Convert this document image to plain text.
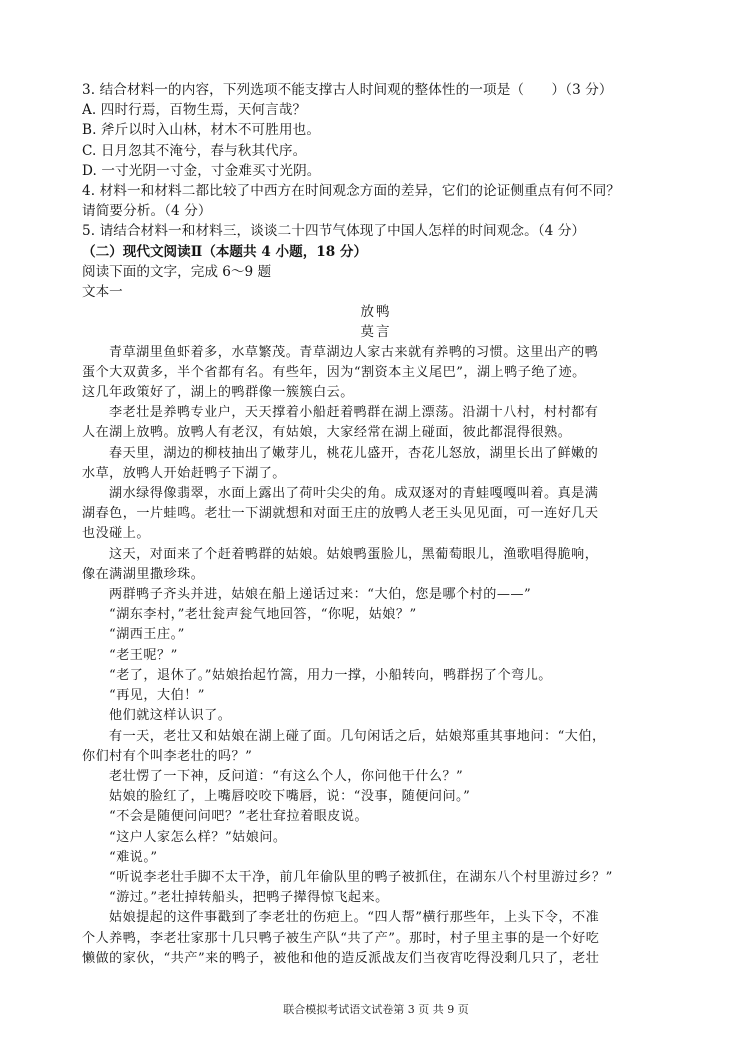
3. 结合材料一的内容，下列选项不能支撑古人时间观的整体性的一项是（　　）（3 分）

A. 四时行焉，百物生焉，天何言哉？

B. 斧斤以时入山林，材木不可胜用也。

C. 日月忽其不淹兮，春与秋其代序。

D. 一寸光阴一寸金，寸金难买寸光阴。

4. 材料一和材料二都比较了中西方在时间观念方面的差异，它们的论证侧重点有何不同？

请简要分析。（4 分）

5. 请结合材料一和材料三，谈谈二十四节气体现了中国人怎样的时间观念。（4 分）

（二）现代文阅读Ⅱ（本题共 4 小题，18 分）

阅读下面的文字，完成 6～9 题

文本一

放鸭

莫言

青草湖里鱼虾着多，水草繁茂。青草湖边人家古来就有养鸭的习惯。这里出产的鸭

蛋个大双黄多，半个省都有名。有些年，因为“割资本主义尾巴”，湖上鸭子绝了迹。

这几年政策好了，湖上的鸭群像一簇簇白云。

李老壮是养鸭专业户，天天撑着小船赶着鸭群在湖上漂荡。沿湖十八村，村村都有

人在湖上放鸭。放鸭人有老汉，有姑娘，大家经常在湖上碰面，彼此都混得很熟。

春天里，湖边的柳枝抽出了嫩芽儿，桃花儿盛开，杏花儿怒放，湖里长出了鲜嫩的

水草，放鸭人开始赶鸭子下湖了。

湖水绿得像翡翠，水面上露出了荷叶尖尖的角。成双逐对的青蛙嘎嘎叫着。真是满

湖春色，一片蛙鸣。老壮一下湖就想和对面王庄的放鸭人老王头见见面，可一连好几天

也没碰上。

这天，对面来了个赶着鸭群的姑娘。姑娘鸭蛋脸儿，黑葡萄眼儿，渔歌唱得脆响，

像在满湖里撒珍珠。

两群鸭子齐头并进，姑娘在船上递话过来：“大伯，您是哪个村的——”

“湖东李村，”老壮瓮声瓮气地回答，“你呢，姑娘？”

“湖西王庄。”

“老王呢？”

“老了，退休了。”姑娘抬起竹篙，用力一撑，小船转向，鸭群拐了个弯儿。

“再见，大伯！”

他们就这样认识了。

有一天，老壮又和姑娘在湖上碰了面。几句闲话之后，姑娘郑重其事地问：“大伯，

你们村有个叫李老壮的吗？”

老壮愣了一下神，反问道：“有这么个人，你问他干什么？”

姑娘的脸红了，上嘴唇咬咬下嘴唇，说：“没事，随便问问。”

“不会是随便问问吧？”老壮耷拉着眼皮说。

“这户人家怎么样？”姑娘问。

“难说。”

“听说李老壮手脚不太干净，前几年偷队里的鸭子被抓住，在湖东八个村里游过乡？”

“游过。”老壮掉转船头，把鸭子撵得惊飞起来。

姑娘提起的这件事戳到了李老壮的伤疤上。“四人帮”横行那些年，上头下令，不准

个人养鸭，李老壮家那十几只鸭子被生产队“共了产”。那时，村子里主事的是一个好吃

懒做的家伙，“共产”来的鸭子，被他和他的造反派战友们当夜宵吃得没剩几只了，老壮

联合模拟考试语文试卷第 3 页 共 9 页
